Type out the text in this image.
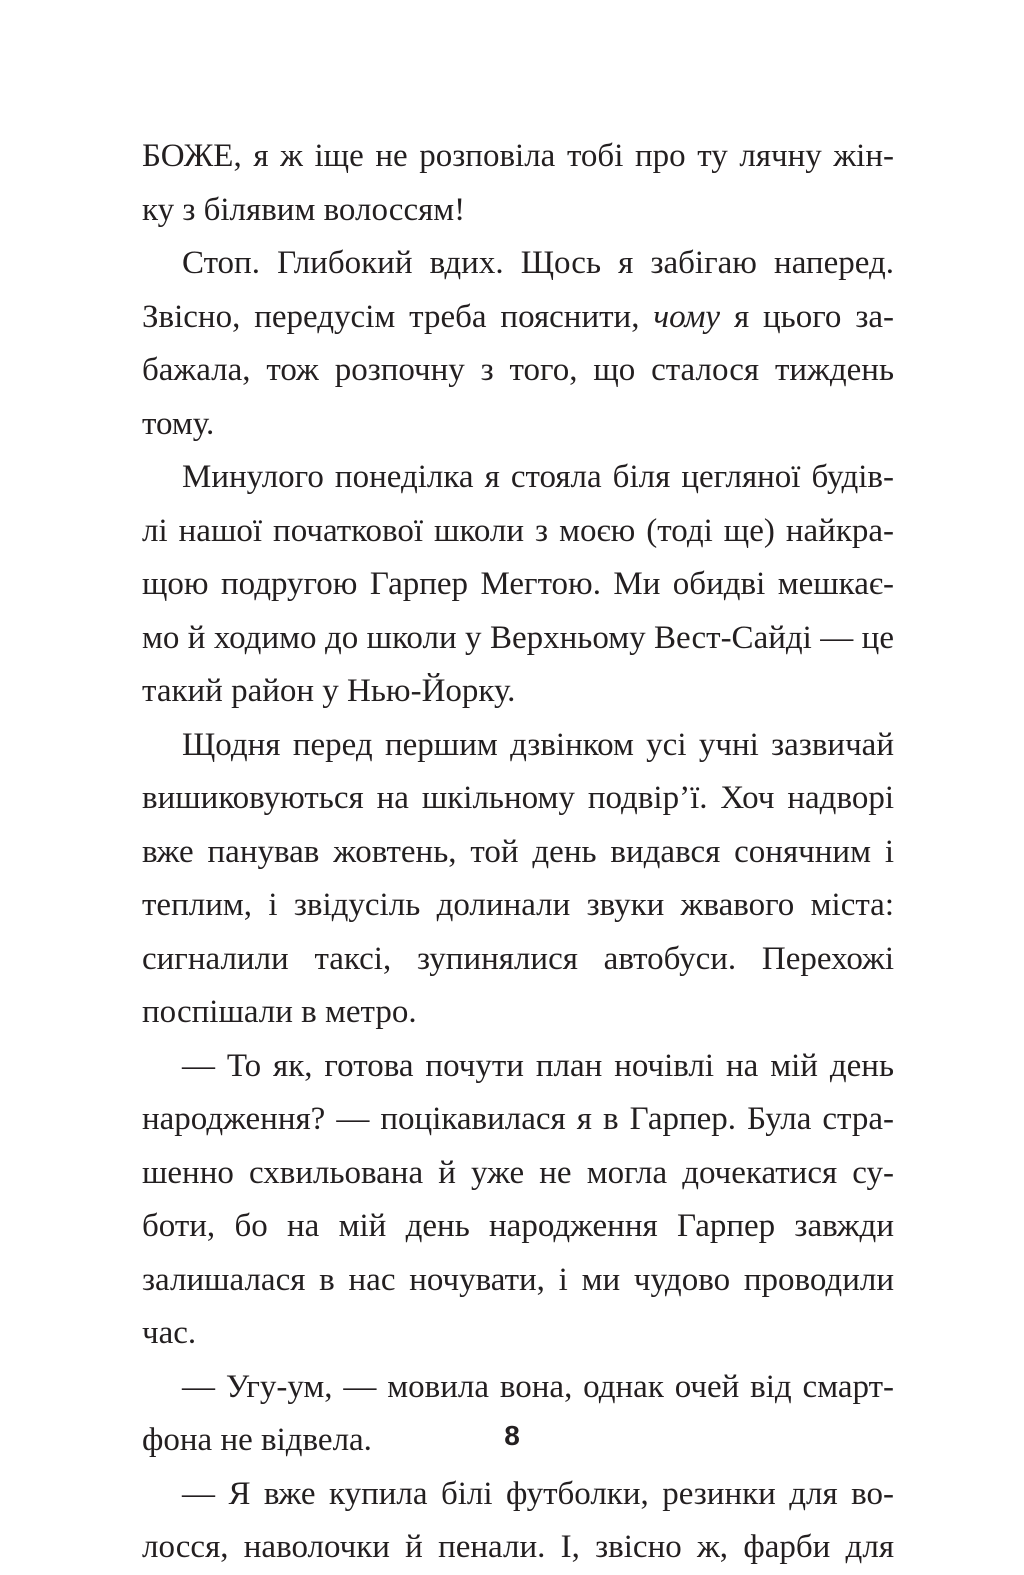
БОЖЕ, я ж іще не розповіла тобі про ту лячну жін-
ку з білявим волоссям!
Стоп. Глибокий вдих. Щось я забігаю наперед.
Звісно, передусім треба пояснити, чому я цього за-
бажала, тож розпочну з того, що сталося тиждень
тому.
Минулого понеділка я стояла біля цегляної будів-
лі нашої початкової школи з моєю (тоді ще) найкра-
щою подругою Гарпер Мегтою. Ми обидві мешкає-
мо й ходимо до школи у Верхньому Вест-Сайді — це
такий район у Нью-Йорку.
Щодня перед першим дзвінком усі учні зазвичай
вишиковуються на шкільному подвір’ї. Хоч надворі
вже панував жовтень, той день видався сонячним і
теплим, і звідусіль долинали звуки жвавого міста:
сигналили таксі, зупинялися автобуси. Перехожі
поспішали в метро.
— То як, готова почути план ночівлі на мій день
народження? — поцікавилася я в Гарпер. Була стра-
шенно схвильована й уже не могла дочекатися су-
боти, бо на мій день народження Гарпер завжди
залишалася в нас ночувати, і ми чудово проводили
час.
— Угу-ум, — мовила вона, однак очей від смарт-
фона не відвела.
— Я вже купила білі футболки, резинки для во-
лосся, наволочки й пенали. І, звісно ж, фарби для
8
